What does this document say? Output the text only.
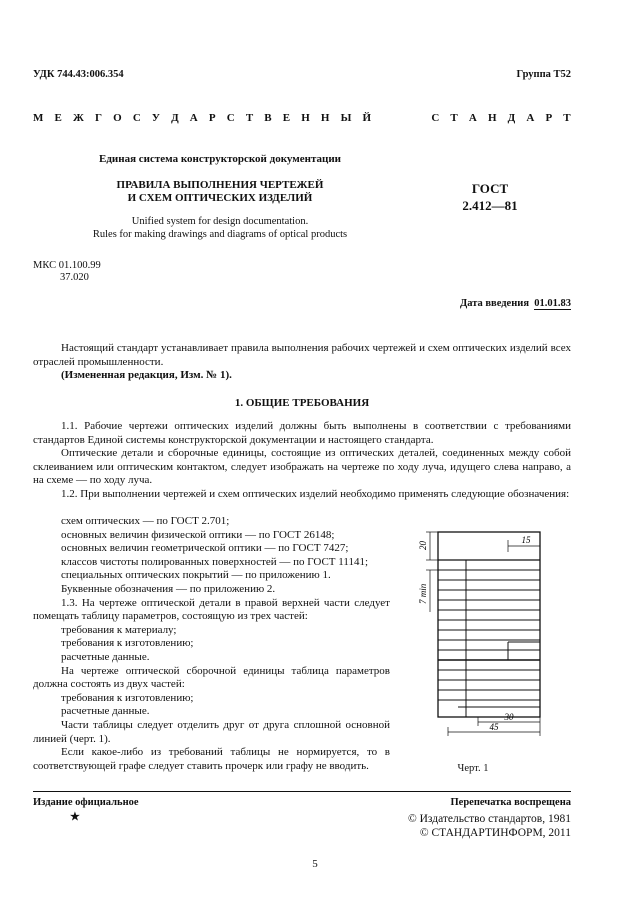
УДК 744.43:006.354	Группа Т52
М Е Ж Г О С У Д А Р С Т В Е Н Н Ы Й	С Т А Н Д А Р Т
Единая система конструкторской документации
ПРАВИЛА ВЫПОЛНЕНИЯ ЧЕРТЕЖЕЙ
И СХЕМ ОПТИЧЕСКИХ ИЗДЕЛИЙ
ГОСТ
2.412—81
Unified system for design documentation.
Rules for making drawings and diagrams of optical products
МКС 01.100.99
37.020
Дата введения 01.01.83

Настоящий стандарт устанавливает правила выполнения рабочих чертежей и схем оптических изделий всех отраслей промышленности.

(Измененная редакция, Изм. № 1).

1. ОБЩИЕ ТРЕБОВАНИЯ

1.1. Рабочие чертежи оптических изделий должны быть выполнены в соответствии с требованиями стандартов Единой системы конструкторской документации и настоящего стандарта.

Оптические детали и сборочные единицы, состоящие из оптических деталей, соединенных между собой склеиванием или оптическим контактом, следует изображать на чертеже по ходу луча, идущего слева направо, а на схеме — по ходу луча.

1.2. При выполнении чертежей и схем оптических изделий необходимо применять следующие обозначения:

схем оптических — по ГОСТ 2.701;

основных величин физической оптики — по ГОСТ 26148;

основных величин геометрической оптики — по ГОСТ 7427;

классов чистоты полированных поверхностей — по ГОСТ 11141;

специальных оптических покрытий — по приложению 1.

Буквенные обозначения — по приложению 2.

1.3. На чертеже оптической детали в правой верхней части следует помещать таблицу параметров, состоящую из трех частей:

требования к материалу;

требования к изготовлению;

расчетные данные.

На чертеже оптической сборочной единицы таблица параметров должна состоять из двух частей:

требования к изготовлению;

расчетные данные.

Части таблицы следует отделить друг от друга сплошной основной линией (черт. 1).

Если какое-либо из требований таблицы не нормируется, то в соответствующей графе следует ставить прочерк или графу не вводить.

20
15
7 min
30
45
Черт. 1
Издание официальное
★
Перепечатка воспрещена
© Издательство стандартов, 1981
© СТАНДАРТИНФОРМ, 2011
5
